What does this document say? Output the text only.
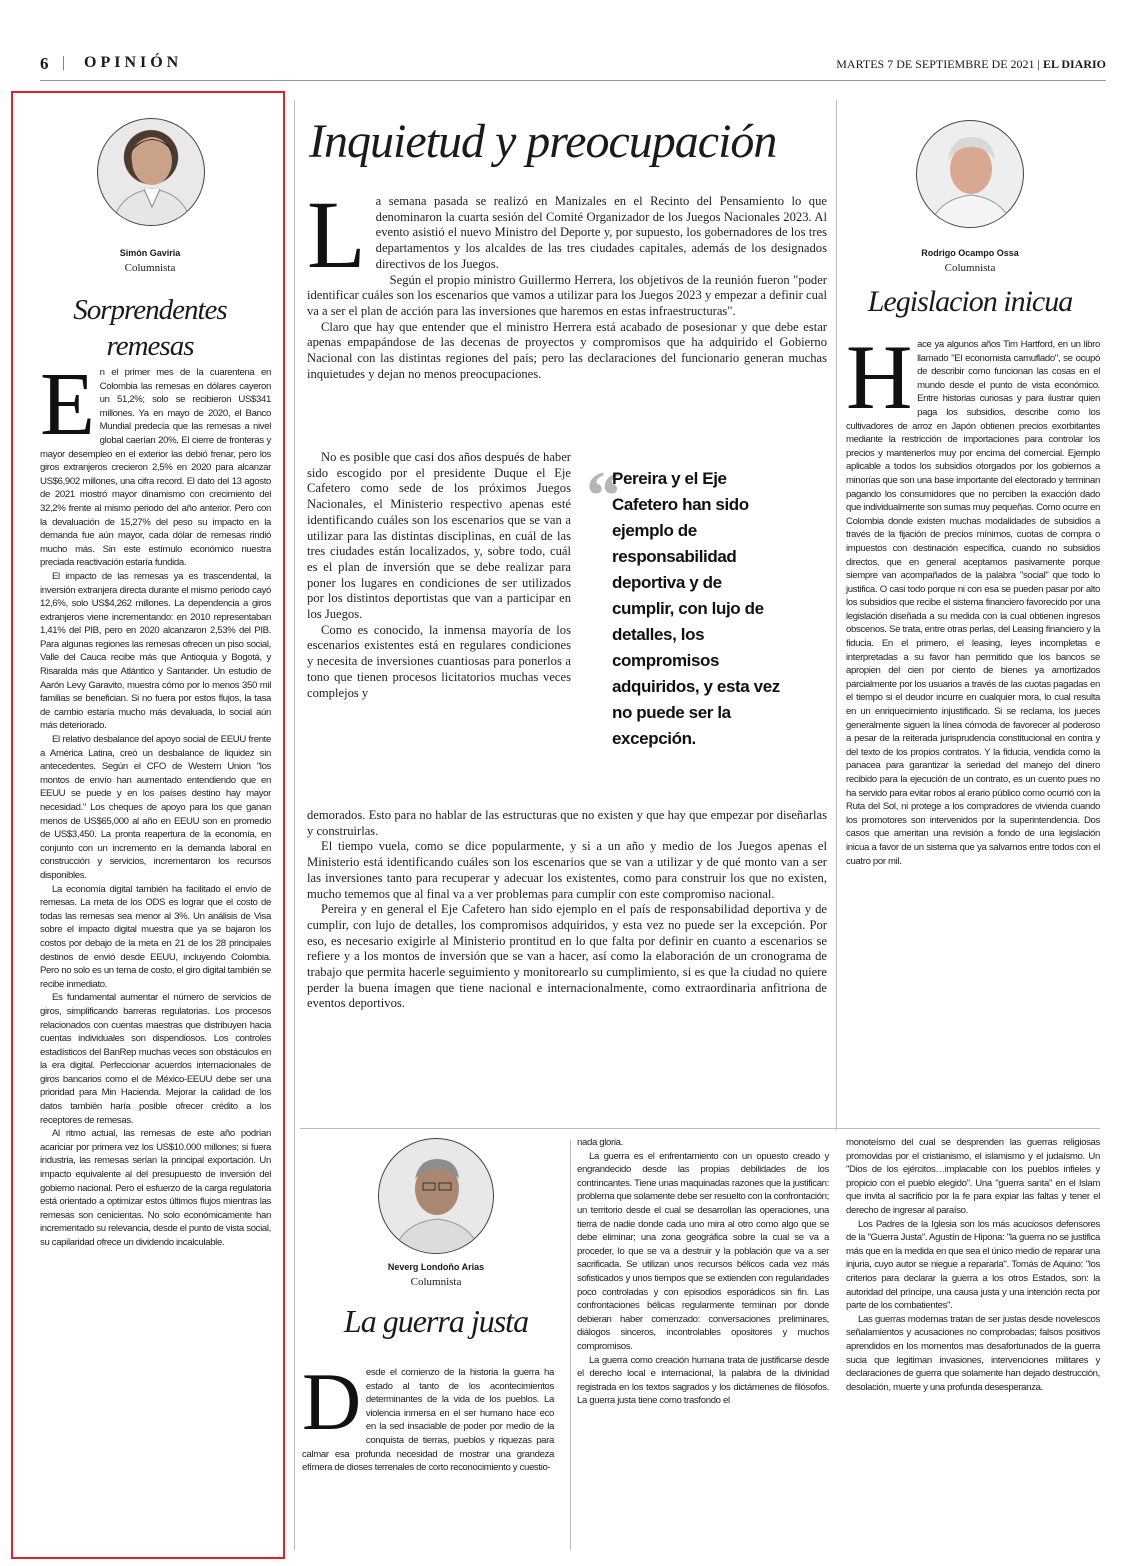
6 | OPINIÓN	MARTES 7 DE SEPTIEMBRE DE 2021 | EL DIARIO
Simón Gaviria
Columnista
Sorprendentes
remesas

En el primer mes de la cuarentena en Colombia las remesas en dólares cayeron un 51,2%; solo se recibieron US$341 millones. Ya en mayo de 2020, el Banco Mundial predecía que las remesas a nivel global caerían 20%. El cierre de fronteras y mayor desempleo en el exterior las debió frenar, pero los giros extranjeros crecieron 2,5% en 2020 para alcanzar US$6,902 millones, una cifra record. El dato del 13 agosto de 2021 mostró mayor dinamismo con crecimiento del 32,2% frente al mismo periodo del año anterior. Pero con la devaluación de 15,27% del peso su impacto en la demanda fue aún mayor, cada dólar de remesas rindió mucho más. Sin este estímulo económico nuestra preciada reactivación estaría fundida.

El impacto de las remesas ya es trascendental, la inversión extranjera directa durante el mismo periodo cayó 12,6%, solo US$4,262 millones. La dependencia a giros extranjeros viene incrementando: en 2010 representaban 1,41% del PIB, pero en 2020 alcanzaron 2,53% del PIB. Para algunas regiones las remesas ofrecen un piso social, Valle del Cauca recibe más que Antioquia y Bogotá, y Risaralda más que Atlántico y Santander. Un estudio de Aarón Levy Garavito, muestra cómo por lo menos 350 mil familias se benefician. Si no fuera por estos flujos, la tasa de cambio estaría mucho más devaluada, lo social aún más deteriorado.

El relativo desbalance del apoyo social de EEUU frente a América Latina, creó un desbalance de liquidez sin antecedentes. Según el CFO de Western Union "los montos de envío han aumentado entendiendo que en EEUU se puede y en los países destino hay mayor necesidad." Los cheques de apoyo para los que ganan menos de US$65,000 al año en EEUU son en promedio de US$3,450. La pronta reapertura de la economía, en conjunto con un incremento en la demanda laboral en construcción y servicios, incrementaron los recursos disponibles.

La economía digital también ha facilitado el envío de remesas. La meta de los ODS es lograr que el costo de todas las remesas sea menor al 3%. Un análisis de Visa sobre el impacto digital muestra que ya se bajaron los costos por debajo de la meta en 21 de los 28 principales destinos de envió desde EEUU, incluyendo Colombia. Pero no solo es un tema de costo, el giro digital también se recibe inmediato.

Es fundamental aumentar el número de servicios de giros, simplificando barreras regulatorias. Los procesos relacionados con cuentas maestras que distribuyen hacia cuentas individuales son dispendiosos. Los controles estadísticos del BanRep muchas veces son obstáculos en la era digital. Perfeccionar acuerdos internacionales de giros bancarios como el de México-EEUU debe ser una prioridad para Min Hacienda. Mejorar la calidad de los datos también haría posible ofrecer crédito a los receptores de remesas.

Al ritmo actual, las remesas de este año podrían acariciar por primera vez los US$10.000 millones; si fuera industria, las remesas serían la principal exportación. Un impacto equivalente al del presupuesto de inversión del gobierno nacional. Pero el esfuerzo de la carga regulatoria está orientado a optimizar estos últimos flujos mientras las remesas son cenicientas. No solo económicamente han incrementado su relevancia, desde el punto de vista social, su capilaridad ofrece un dividendo incalculable.

Inquietud y preocupación

La semana pasada se realizó en Manizales en el Recinto del Pensamiento lo que denominaron la cuarta sesión del Comité Organizador de los Juegos Nacionales 2023. Al evento asistió el nuevo Ministro del Deporte y, por supuesto, los gobernadores de los tres departamentos y los alcaldes de las tres ciudades capitales, además de los designados directivos de los Juegos.

Según el propio ministro Guillermo Herrera, los objetivos de la reunión fueron "poder identificar cuáles son los escenarios que vamos a utilizar para los Juegos 2023 y empezar a definir cual va a ser el plan de acción para las inversiones que haremos en estas infraestructuras".

Claro que hay que entender que el ministro Herrera está acabado de posesionar y que debe estar apenas empapándose de las decenas de proyectos y compromisos que ha adquirido el Gobierno Nacional con las distintas regiones del país; pero las declaraciones del funcionario generan muchas inquietudes y dejan no menos preocupaciones.

No es posible que casi dos años después de haber sido escogido por el presidente Duque el Eje Cafetero como sede de los próximos Juegos Nacionales, el Ministerio respectivo apenas esté identificando cuáles son los escenarios que se van a utilizar para las distintas disciplinas, en cuál de las tres ciudades están localizados, y, sobre todo, cuál es el plan de inversión que se debe realizar para poner los lugares en condiciones de ser utilizados por los distintos deportistas que van a participar en los Juegos.

Como es conocido, la inmensa mayoría de los escenarios existentes está en regulares condiciones y necesita de inversiones cuantiosas para ponerlos a tono que tienen procesos licitatorios muchas veces complejos y

“
Pereira y el Eje Cafetero han sido ejemplo de responsabilidad deportiva y de cumplir, con lujo de detalles, los compromisos adquiridos, y esta vez no puede ser la excepción.

demorados. Esto para no hablar de las estructuras que no existen y que hay que empezar por diseñarlas y construirlas.

El tiempo vuela, como se dice popularmente, y si a un año y medio de los Juegos apenas el Ministerio está identificando cuáles son los escenarios que se van a utilizar y de qué monto van a ser las inversiones tanto para recuperar y adecuar los existentes, como para construir los que no existen, mucho tememos que al final va a ver problemas para cumplir con este compromiso nacional.

Pereira y en general el Eje Cafetero han sido ejemplo en el país de responsabilidad deportiva y de cumplir, con lujo de detalles, los compromisos adquiridos, y esta vez no puede ser la excepción. Por eso, es necesario exigirle al Ministerio prontitud en lo que falta por definir en cuanto a escenarios se refiere y a los montos de inversión que se van a hacer, así como la elaboración de un cronograma de trabajo que permita hacerle seguimiento y monitorearlo su cumplimiento, si es que la ciudad no quiere perder la buena imagen que tiene nacional e internacionalmente, como extraordinaria anfitriona de eventos deportivos.

Rodrigo Ocampo Ossa
Columnista
Legislacion inicua

Hace ya algunos años Tim Hartford, en un libro llamado "El economista camuflado", se ocupó de describir como funcionan las cosas en el mundo desde el punto de vista económico. Entre historias curiosas y para ilustrar quien paga los subsidios, describe como los cultivadores de arroz en Japón obtienen precios exorbitantes mediante la restricción de importaciones para controlar los precios y mantenerlos muy por encima del comercial. Ejemplo aplicable a todos los subsidios otorgados por los gobiernos a minorías que son una base importante del electorado y terminan pagando los consumidores que no perciben la exacción dado que individualmente son sumas muy pequeñas. Como ocurre en Colombia donde existen muchas modalidades de subsidios a través de la fijación de precios mínimos, cuotas de compra o impuestos con destinación específica, cuando no subsidios directos, que en general aceptamos pasivamente porque siempre van acompañados de la palabra "social" que todo lo justifica. O casi todo porque ni con esa se pueden pasar por alto los subsidios que recibe el sistema financiero favorecido por una legislación diseñada a su medida con la cual obtienen ingresos obscenos. Se trata, entre otras perlas, del Leasing financiero y la fiducia. En el primero, el leasing, leyes incompletas e interpretadas a su favor han permitido que los bancos se apropien del cien por ciento de bienes ya amortizados parcialmente por los usuarios a través de las cuotas pagadas en el tiempo si el deudor incurre en cualquier mora, lo cual resulta en un enriquecimiento injustificado. Si se reclama, los jueces generalmente siguen la línea cómoda de favorecer al poderoso a pesar de la reiterada jurisprudencia constitucional en contra y del texto de los propios contratos. Y la fiducia, vendida como la panacea para garantizar la seriedad del manejo del dinero recibido para la ejecución de un contrato, es un cuento pues no ha servido para evitar robos al erario público como ocurrió con la Ruta del Sol, ni protege a los compradores de vivienda cuando los promotores son intervenidos por la superintendencia. Dos casos que ameritan una revisión a fondo de una legislación inicua a favor de un sistema que ya salvamos entre todos con el cuatro por mil.

Neverg Londoño Arias
Columnista
La guerra justa

Desde el comienzo de la historia la guerra ha estado al tanto de los acontecimientos determinantes de la vida de los pueblos. La violencia inmersa en el ser humano hace eco en la sed insaciable de poder por medio de la conquista de tierras, pueblos y riquezas para calmar esa profunda necesidad de mostrar una grandeza efímera de dioses terrenales de corto reconocimiento y cuestio-

nada gloria.

La guerra es el enfrentamiento con un opuesto creado y engrandecido desde las propias debilidades de los contrincantes. Tiene unas maquinadas razones que la justifican: problema que solamente debe ser resuelto con la confrontación; un territorio desde el cual se desarrollan las operaciones, una tierra de nadie donde cada uno mira al otro como algo que se debe eliminar; una zona geográfica sobre la cual se va a proceder, lo que se va a destruir y la población que va a ser sacrificada. Se utilizan unos recursos bélicos cada vez más sofisticados y unos tiempos que se extienden con regularidades poco controladas y con episodios esporádicos sin fin. Las confrontaciones bélicas regularmente terminan por donde debieran haber comenzado: conversaciones preliminares, diálogos sinceros, incontrolables opositores y muchos compromisos.

La guerra como creación humana trata de justificarse desde el derecho local e internacional, la palabra de la divinidad registrada en los textos sagrados y los dictámenes de filósofos. La guerra justa tiene como trasfondo el

monoteísmo del cual se desprenden las guerras religiosas promovidas por el cristianismo, el islamismo y el judaísmo. Un "Dios de los ejércitos…implacable con los pueblos infieles y propicio con el pueblo elegido". Una "guerra santa" en el Islam que invita al sacrificio por la fe para expiar las faltas y tener el derecho de ingresar al paraíso.

Los Padres de la Iglesia son los más acuciosos defensores de la "Guerra Justa". Agustín de Hipona: "la guerra no se justifica más que en la medida en que sea el único medio de reparar una injuria, cuyo autor se niegue a repararla". Tomás de Aquino: "los criterios para declarar la guerra a los otros Estados, son: la autoridad del príncipe, una causa justa y una intención recta por parte de los combatientes".

Las guerras modernas tratan de ser justas desde novelescos señalamientos y acusaciones no comprobadas; falsos positivos aprendidos en los momentos mas desafortunados de la guerra sucia que legitiman invasiones, intervenciones militares y declaraciones de guerra que solamente han dejado destrucción, desolación, muerte y una profunda desesperanza.
